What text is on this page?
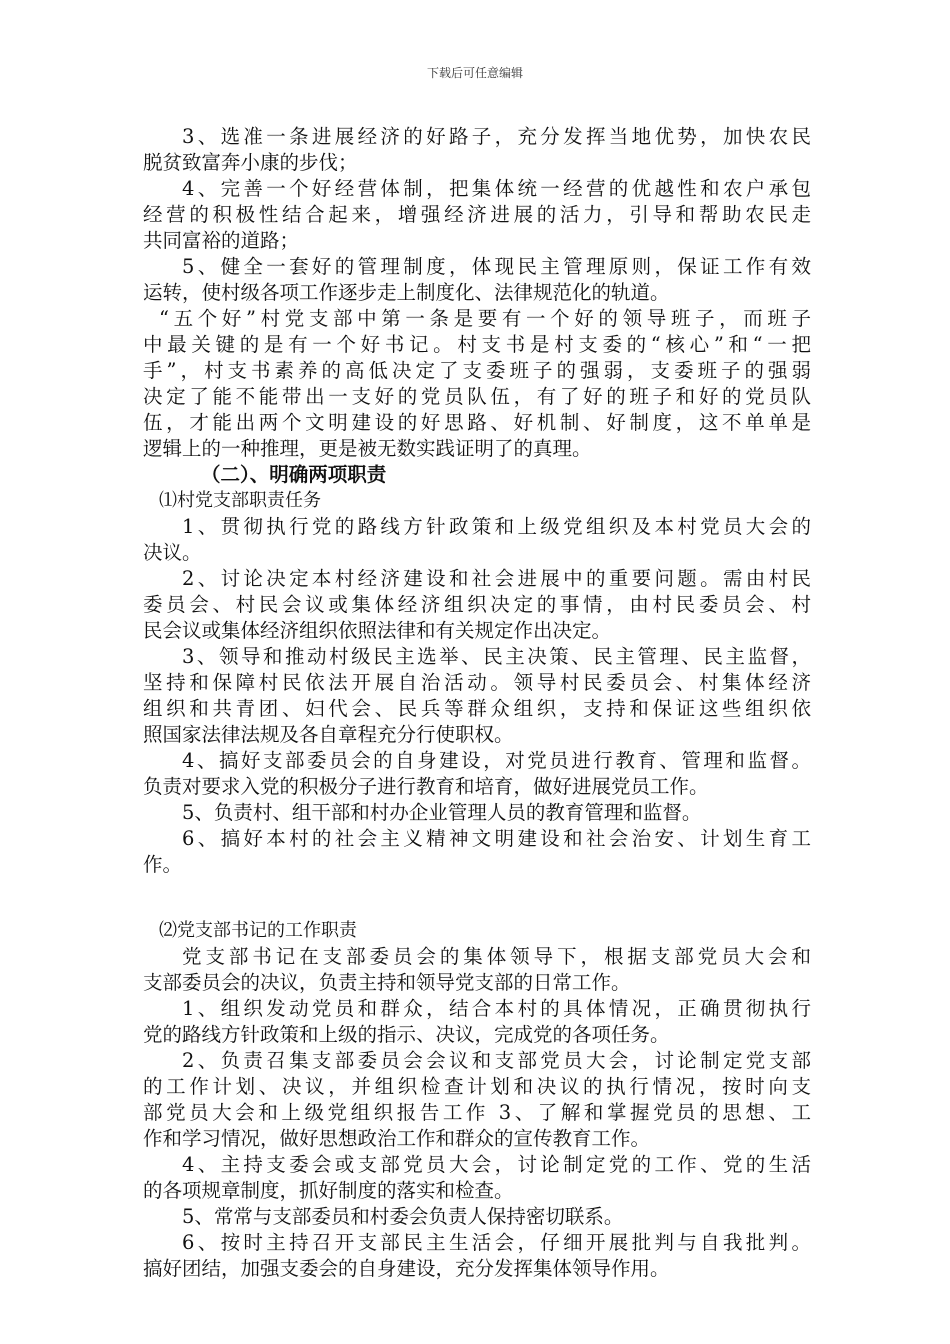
下载后可任意编辑
3、选准一条进展经济的好路子，充分发挥当地优势，加快农民
脱贫致富奔小康的步伐；
4、完善一个好经营体制，把集体统一经营的优越性和农户承包
经营的积极性结合起来，增强经济进展的活力，引导和帮助农民走
共同富裕的道路；
5、健全一套好的管理制度，体现民主管理原则，保证工作有效
运转，使村级各项工作逐步走上制度化、法律规范化的轨道。
“五个好”村党支部中第一条是要有一个好的领导班子，而班子
中最关键的是有一个好书记。村支书是村支委的“核心”和“一把
手”，村支书素养的高低决定了支委班子的强弱，支委班子的强弱
决定了能不能带出一支好的党员队伍，有了好的班子和好的党员队
伍，才能出两个文明建设的好思路、好机制、好制度，这不单单是
逻辑上的一种推理，更是被无数实践证明了的真理。
（二）、明确两项职责
⑴村党支部职责任务
1、贯彻执行党的路线方针政策和上级党组织及本村党员大会的
决议。
2、讨论决定本村经济建设和社会进展中的重要问题。需由村民
委员会、村民会议或集体经济组织决定的事情，由村民委员会、村
民会议或集体经济组织依照法律和有关规定作出决定。
3、领导和推动村级民主选举、民主决策、民主管理、民主监督，
坚持和保障村民依法开展自治活动。领导村民委员会、村集体经济
组织和共青团、妇代会、民兵等群众组织，支持和保证这些组织依
照国家法律法规及各自章程充分行使职权。
4、搞好支部委员会的自身建设，对党员进行教育、管理和监督。
负责对要求入党的积极分子进行教育和培育，做好进展党员工作。
5、负责村、组干部和村办企业管理人员的教育管理和监督。
6、搞好本村的社会主义精神文明建设和社会治安、计划生育工
作。
⑵党支部书记的工作职责
党支部书记在支部委员会的集体领导下，根据支部党员大会和
支部委员会的决议，负责主持和领导党支部的日常工作。
1、组织发动党员和群众，结合本村的具体情况，正确贯彻执行
党的路线方针政策和上级的指示、决议，完成党的各项任务。
2、负责召集支部委员会会议和支部党员大会，讨论制定党支部
的工作计划、决议，并组织检查计划和决议的执行情况，按时向支
部党员大会和上级党组织报告工作 3、了解和掌握党员的思想、工
作和学习情况，做好思想政治工作和群众的宣传教育工作。
4、主持支委会或支部党员大会，讨论制定党的工作、党的生活
的各项规章制度，抓好制度的落实和检查。
5、常常与支部委员和村委会负责人保持密切联系。
6、按时主持召开支部民主生活会，仔细开展批判与自我批判。
搞好团结，加强支委会的自身建设，充分发挥集体领导作用。
